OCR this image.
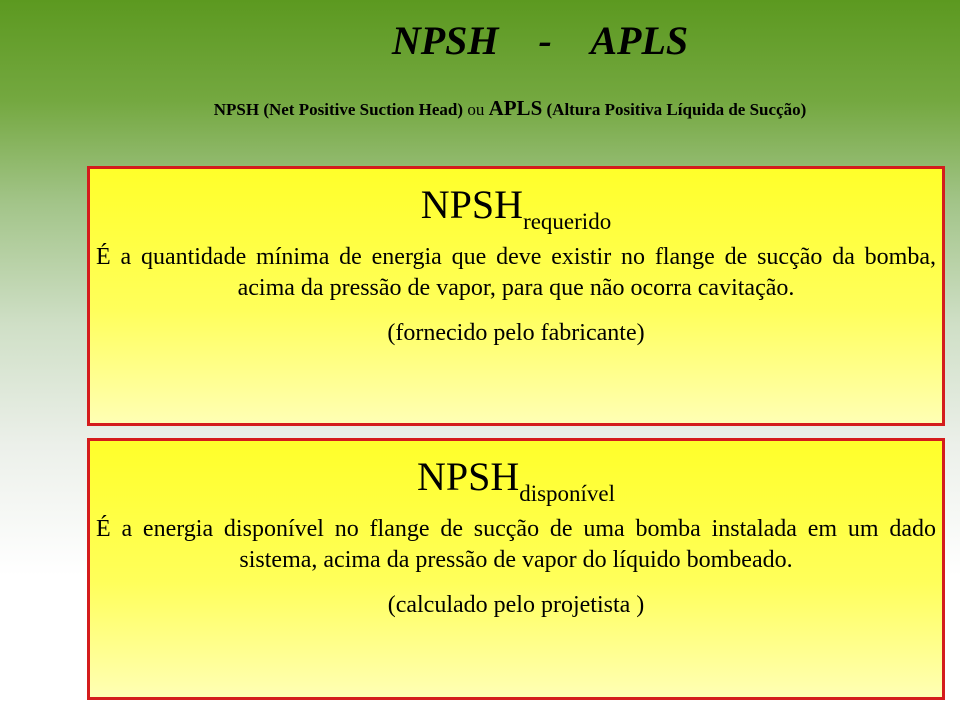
NPSH    -    APLS
NPSH (Net Positive Suction Head) ou APLS (Altura Positiva Líquida de Sucção)
$NPSH_{requerido}$
É a quantidade mínima de energia que deve existir no flange de sucção da bomba, acima da pressão de vapor, para que não ocorra cavitação.
(fornecido pelo fabricante)
$NPSH_{disponível}$
É a energia disponível no flange de sucção de uma bomba instalada em um dado sistema, acima da pressão de vapor do líquido bombeado.
(calculado pelo projetista )
